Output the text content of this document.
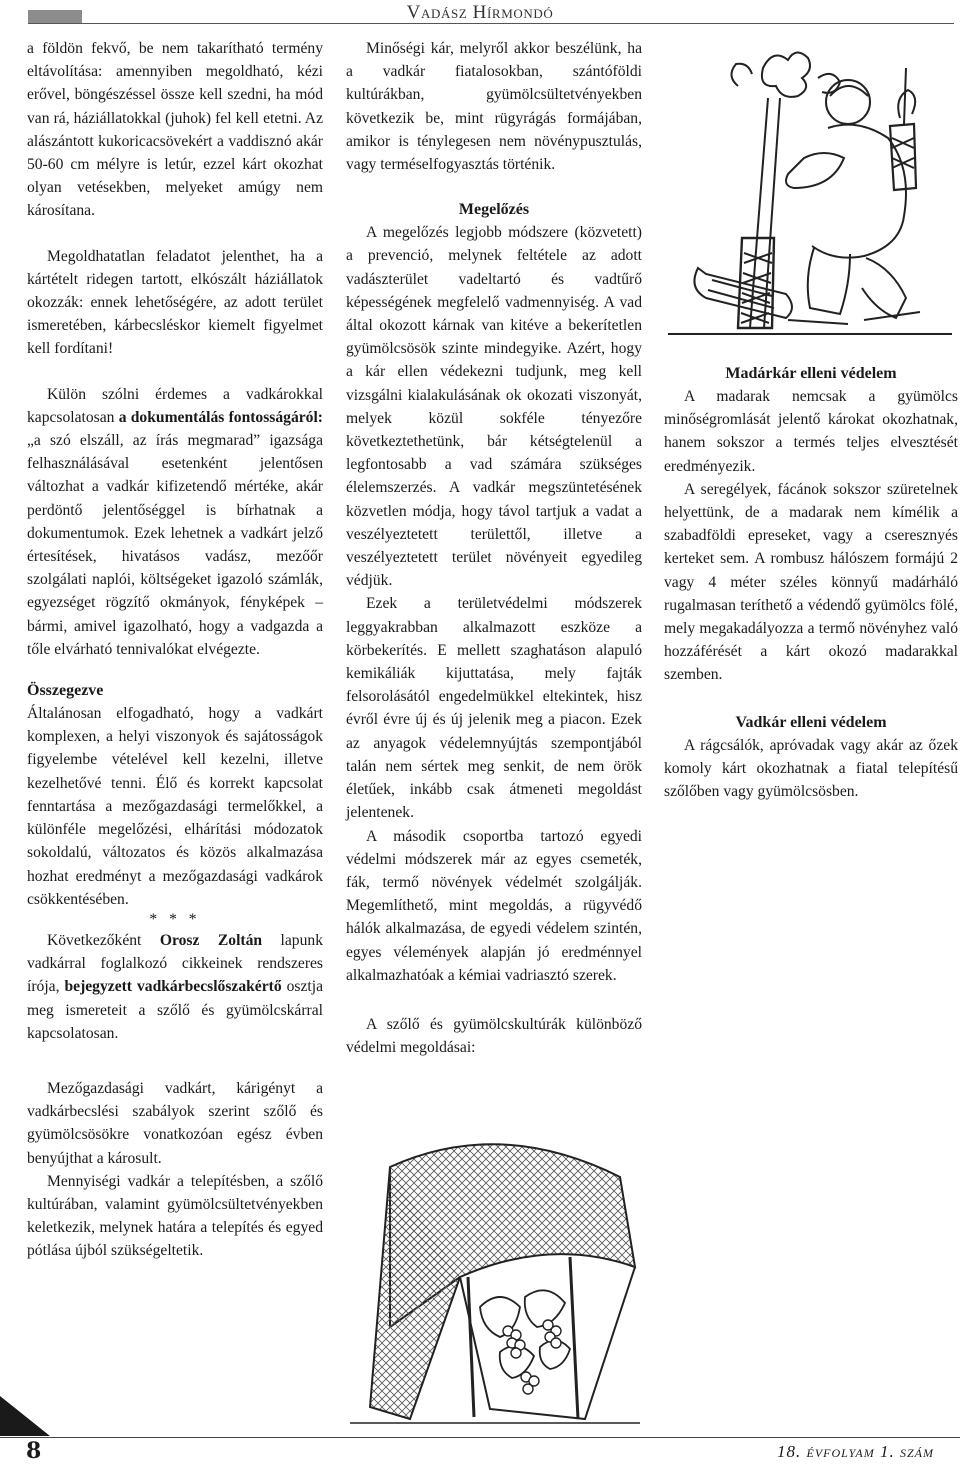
Vadász Hírmondó

a földön fekvő, be nem takarítható termény eltávolítása: amennyiben megoldható, kézi erővel, böngészéssel össze kell szedni, ha mód van rá, háziállatokkal (juhok) fel kell etetni. Az alászántott kukoricacsövekért a vaddisznó akár 50-60 cm mélyre is letúr, ezzel kárt okozhat olyan vetésekben, melyeket amúgy nem károsítana.

Megoldhatatlan feladatot jelenthet, ha a kártételt ridegen tartott, elkószált háziállatok okozzák: ennek lehetőségére, az adott terület ismeretében, kárbecsléskor kiemelt figyelmet kell fordítani!

Külön szólni érdemes a vadkárokkal kapcsolatosan a dokumentálás fontosságáról: „a szó elszáll, az írás megmarad” igazsága felhasználásával esetenként jelentősen változhat a vadkár kifizetendő mértéke, akár perdöntő jelentőséggel is bírhatnak a dokumentumok. Ezek lehetnek a vadkárt jelző értesítések, hivatásos vadász, mezőőr szolgálati naplói, költségeket igazoló számlák, egyezséget rögzítő okmányok, fényképek – bármi, amivel igazolható, hogy a vadgazda a tőle elvárható tennivalókat elvégezte.

Összegezve

Általánosan elfogadható, hogy a vadkárt komplexen, a helyi viszonyok és sajátosságok figyelembe vételével kell kezelni, illetve kezelhetővé tenni. Élő és korrekt kapcsolat fenntartása a mezőgazdasági termelőkkel, a különféle megelőzési, elhárítási módozatok sokoldalú, változatos és közös alkalmazása hozhat eredményt a mezőgazdasági vadkárok csökkentésében.

* * *

Következőként Orosz Zoltán lapunk vadkárral foglalkozó cikkeinek rendszeres írója, bejegyzett vadkárbecslőszakértő osztja meg ismereteit a szőlő és gyümölcskárral kapcsolatosan.

Mezőgazdasági vadkárt, kárigényt a vadkárbecslési szabályok szerint szőlő és gyümölcsösökre vonatkozóan egész évben benyújthat a károsult.

Mennyiségi vadkár a telepítésben, a szőlő kultúrában, valamint gyümölcsültetvényekben keletkezik, melynek határa a telepítés és egyed pótlása újból szükségeltetik.

Minőségi kár, melyről akkor beszélünk, ha a vadkár fiatalosokban, szántóföldi kultúrákban, gyümölcsültetvényekben következik be, mint rügyrágás formájában, amikor is ténylegesen nem növénypusztulás, vagy terméselfogyasztás történik.

Megelőzés

A megelőzés legjobb módszere (közvetett) a prevenció, melynek feltétele az adott vadászterület vadeltartó és vadtűrő képességének megfelelő vadmennyiség. A vad által okozott kárnak van kitéve a bekerítetlen gyümölcsösök szinte mindegyike. Azért, hogy a kár ellen védekezni tudjunk, meg kell vizsgálni kialakulásának ok okozati viszonyát, melyek közül sokféle tényezőre következtethetünk, bár kétségtelenül a legfontosabb a vad számára szükséges élelemszerzés. A vadkár megszüntetésének közvetlen módja, hogy távol tartjuk a vadat a veszélyeztetett területtől, illetve a veszélyeztetett terület növényeit egyedileg védjük.

Ezek a területvédelmi módszerek leggyakrabban alkalmazott eszköze a körbekerítés. E mellett szaghatáson alapuló kemikáliák kijuttatása, mely fajták felsorolásától engedelmükkel eltekintek, hisz évről évre új és új jelenik meg a piacon. Ezek az anyagok védelemnyújtás szempontjából talán nem sértek meg senkit, de nem örök életűek, inkább csak átmeneti megoldást jelentenek.

A második csoportba tartozó egyedi védelmi módszerek már az egyes csemeték, fák, termő növények védelmét szolgálják. Megemlíthető, mint megoldás, a rügyvédő hálók alkalmazása, de egyedi védelem szintén, egyes vélemények alapján jó eredménnyel alkalmazhatóak a kémiai vadriasztó szerek.

A szőlő és gyümölcskultúrák különböző védelmi megoldásai:

Madárkár elleni védelem

A madarak nemcsak a gyümölcs minőségromlását jelentő károkat okozhatnak, hanem sokszor a termés teljes elvesztését eredményezik.

A seregélyek, fácánok sokszor szüretelnek helyettünk, de a madarak nem kímélik a szabadföldi epreseket, vagy a cseresznyés kerteket sem. A rombusz hálószem formájú 2 vagy 4 méter széles könnyű madárháló rugalmasan teríthető a védendő gyümölcs fölé, mely megakadályozza a termő növényhez való hozzáférését a kárt okozó madarakkal szemben.

Vadkár elleni védelem

A rágcsálók, apróvadak vagy akár az őzek komoly kárt okozhatnak a fiatal telepítésű szőlőben vagy gyümölcsösben.

8	18. évfolyam 1. szám
